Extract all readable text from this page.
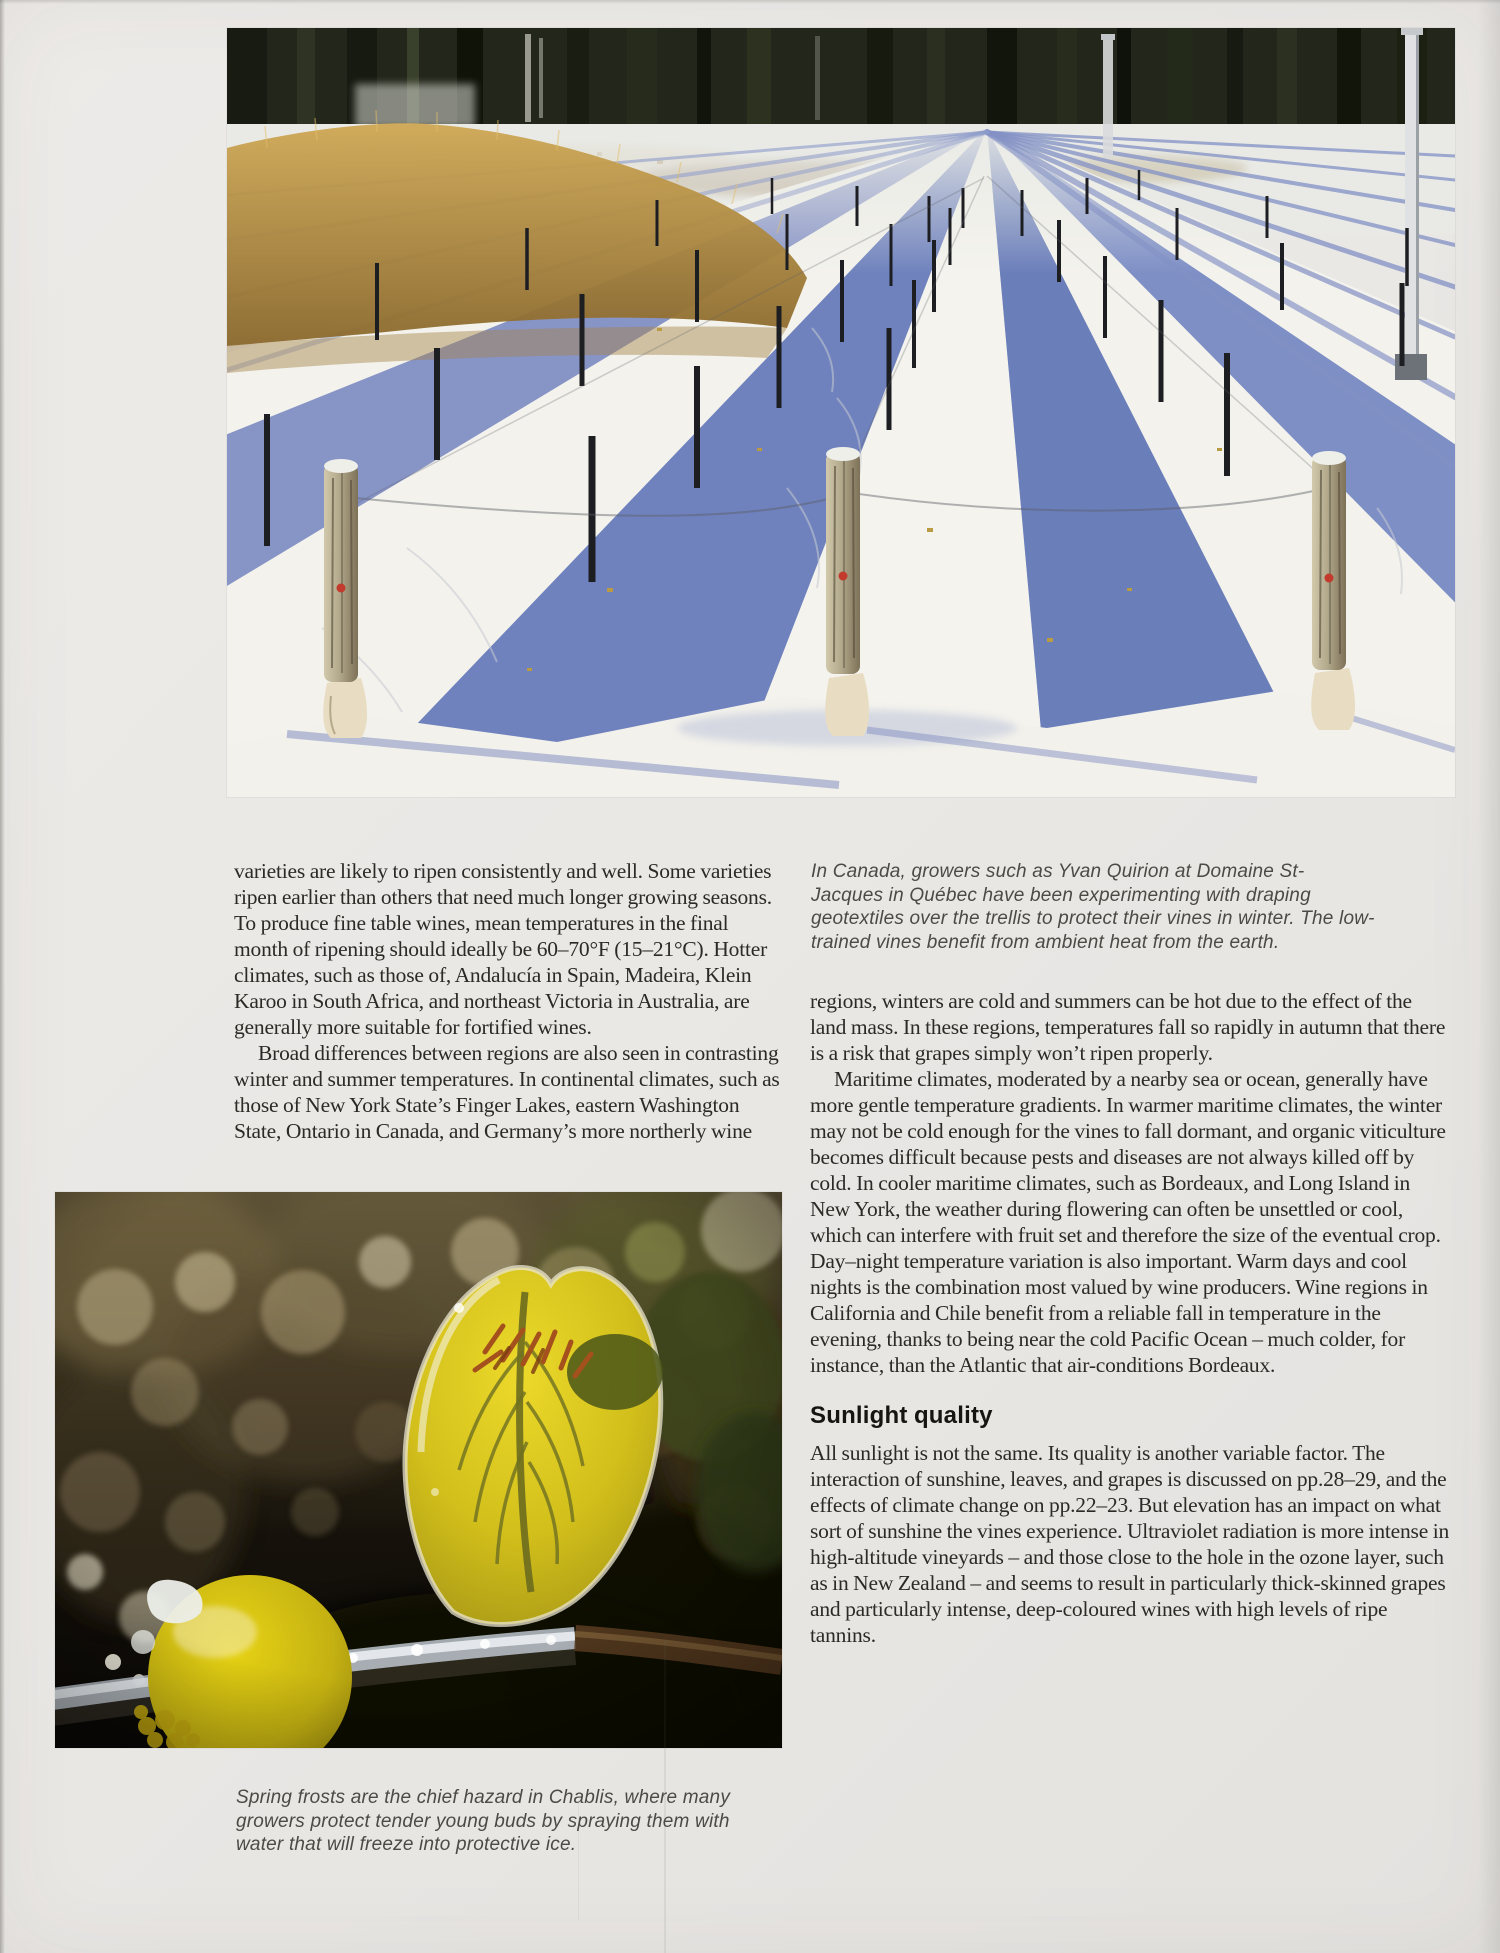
varieties are likely to ripen consistently and well. Some varieties ripen earlier than others that need much longer growing seasons. To produce fine table wines, mean temperatures in the final month of ripening should ideally be 60–70°F (15–21°C). Hotter climates, such as those of, Andalucía in Spain, Madeira, Klein Karoo in South Africa, and northeast Victoria in Australia, are generally more suitable for fortified wines.

Broad differences between regions are also seen in contrasting winter and summer temperatures. In continental climates, such as those of New York State’s Finger Lakes, eastern Washington State, Ontario in Canada, and Germany’s more northerly wine

In Canada, growers such as Yvan Quirion at Domaine St-Jacques in Québec have been experimenting with draping geotextiles over the trellis to protect their vines in winter. The low-trained vines benefit from ambient heat from the earth.

regions, winters are cold and summers can be hot due to the effect of the land mass. In these regions, temperatures fall so rapidly in autumn that there is a risk that grapes simply won’t ripen properly.

Maritime climates, moderated by a nearby sea or ocean, generally have more gentle temperature gradients. In warmer maritime climates, the winter may not be cold enough for the vines to fall dormant, and organic viticulture becomes difficult because pests and diseases are not always killed off by cold. In cooler maritime climates, such as Bordeaux, and Long Island in New York, the weather during flowering can often be unsettled or cool, which can interfere with fruit set and therefore the size of the eventual crop. Day–night temperature variation is also important. Warm days and cool nights is the combination most valued by wine producers. Wine regions in California and Chile benefit from a reliable fall in temperature in the evening, thanks to being near the cold Pacific Ocean – much colder, for instance, than the Atlantic that air-conditions Bordeaux.

Sunlight quality

All sunlight is not the same. Its quality is another variable factor. The interaction of sunshine, leaves, and grapes is discussed on pp.28–29, and the effects of climate change on pp.22–23. But elevation has an impact on what sort of sunshine the vines experience. Ultraviolet radiation is more intense in high-altitude vineyards – and those close to the hole in the ozone layer, such as in New Zealand – and seems to result in particularly thick-skinned grapes and particularly intense, deep-coloured wines with high levels of ripe tannins.

Spring frosts are the chief hazard in Chablis, where many growers protect tender young buds by spraying them with water that will freeze into protective ice.
